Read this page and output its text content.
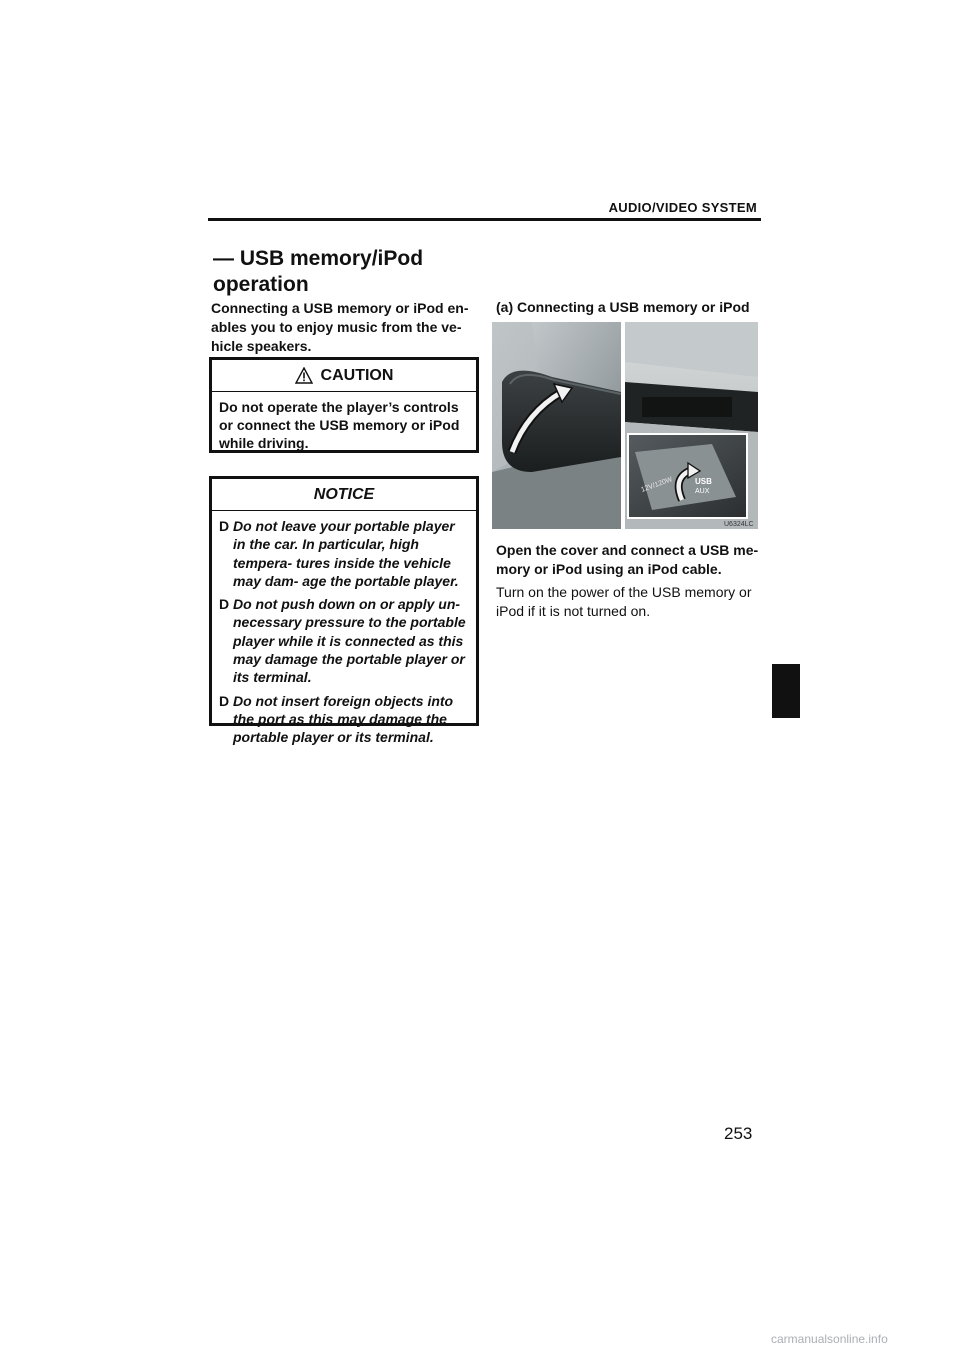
AUDIO/VIDEO SYSTEM
— USB memory/iPod
operation
Connecting a USB memory or iPod en- ables you to enjoy music from the ve- hicle speakers.
CAUTION
Do not operate the player’s controls or connect the USB memory or iPod while driving.
NOTICE
D Do not leave your portable player in the car. In particular, high tempera- tures inside the vehicle may dam- age the portable player.
D Do not push down on or apply un- necessary pressure to the portable player while it is connected as this may damage the portable player or its terminal.
D Do not insert foreign objects into the port as this may damage the portable player or its terminal.
(a) Connecting a USB memory or iPod
12V/120W	USB
AUX
U6324LC
Open the cover and connect a USB me- mory or iPod using an iPod cable.
Turn on the power of the USB memory or iPod if it is not turned on.
253
carmanualsonline.info
